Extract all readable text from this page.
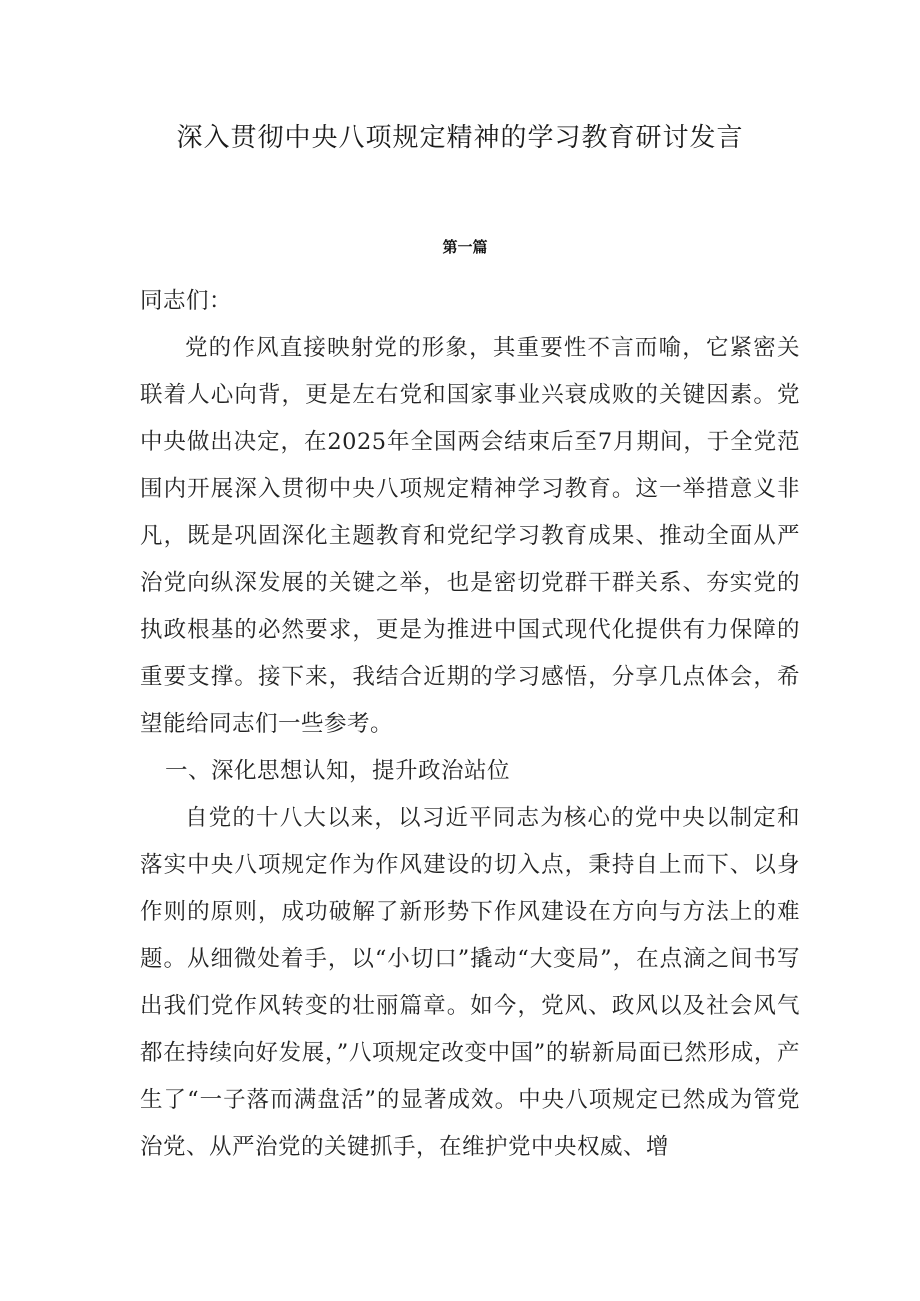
深入贯彻中央八项规定精神的学习教育研讨发言

第一篇

同志们：

党的作风直接映射党的形象，其重要性不言而喻，它紧密关联着人心向背，更是左右党和国家事业兴衰成败的关键因素。党中央做出决定，在2025年全国两会结束后至7月期间，于全党范围内开展深入贯彻中央八项规定精神学习教育。这一举措意义非凡，既是巩固深化主题教育和党纪学习教育成果、推动全面从严治党向纵深发展的关键之举，也是密切党群干群关系、夯实党的执政根基的必然要求，更是为推进中国式现代化提供有力保障的重要支撑。接下来，我结合近期的学习感悟，分享几点体会，希望能给同志们一些参考。

一、深化思想认知，提升政治站位

自党的十八大以来，以习近平同志为核心的党中央以制定和落实中央八项规定作为作风建设的切入点，秉持自上而下、以身作则的原则，成功破解了新形势下作风建设在方向与方法上的难题。从细微处着手，以“小切口”撬动“大变局”，在点滴之间书写出我们党作风转变的壮丽篇章。如今，党风、政风以及社会风气都在持续向好发展，”八项规定改变中国”的崭新局面已然形成，产生了“一子落而满盘活”的显著成效。中央八项规定已然成为管党治党、从严治党的关键抓手，在维护党中央权威、增
